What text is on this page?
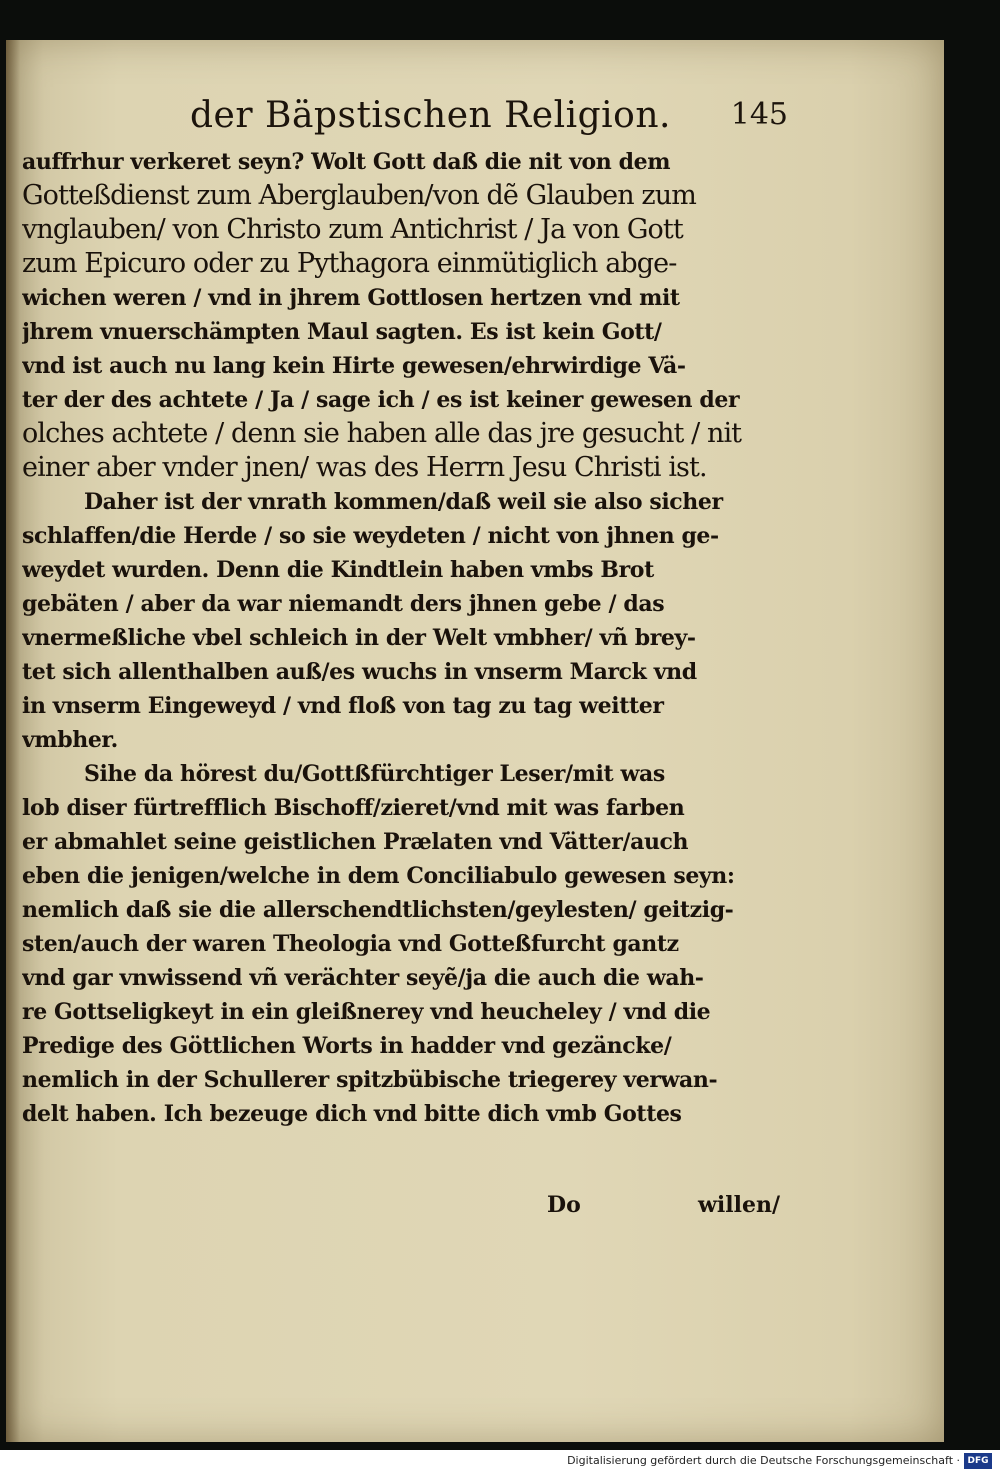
der Bäpstischen Religion. 145
auffrhur verkeret seyn? Wolt Gott daß die nit von dem
Gotteßdienst zum Aberglauben/von dẽ Glauben zum
vnglauben/ von Christo zum Antichrist / Ja von Gott
zum Epicuro oder zu Pythagora einmütiglich abge-
wichen weren / vnd in jhrem Gottlosen hertzen vnd mit
jhrem vnuerschämpten Maul sagten. Es ist kein Gott/
vnd ist auch nu lang kein Hirte gewesen/ehrwirdige Vä-
ter der des achtete / Ja / sage ich / es ist keiner gewesen der
olches achtete / denn sie haben alle das jre gesucht / nit
einer aber vnder jnen/ was des Herrn Jesu Christi ist.
Daher ist der vnrath kommen/daß weil sie also sicher
schlaffen/die Herde / so sie weydeten / nicht von jhnen ge-
weydet wurden. Denn die Kindtlein haben vmbs Brot
gebäten / aber da war niemandt ders jhnen gebe / das
vnermeßliche vbel schleich in der Welt vmbher/ vñ brey-
tet sich allenthalben auß/es wuchs in vnserm Marck vnd
in vnserm Eingeweyd / vnd floß von tag zu tag weitter
vmbher.
Sihe da hörest du/Gottßfürchtiger Leser/mit was
lob diser fürtrefflich Bischoff/zieret/vnd mit was farben
er abmahlet seine geistlichen Prælaten vnd Vätter/auch
eben die jenigen/welche in dem Conciliabulo gewesen seyn:
nemlich daß sie die allerschendtlichsten/geylesten/ geitzig-
sten/auch der waren Theologia vnd Gotteßfurcht gantz
vnd gar vnwissend vñ verächter seyẽ/ja die auch die wah-
re Gottseligkeyt in ein gleißnerey vnd heucheley / vnd die
Predige des Göttlichen Worts in hadder vnd gezäncke/
nemlich in der Schullerer spitzbübische triegerey verwan-
delt haben. Ich bezeuge dich vnd bitte dich vmb Gottes
Do	willen/
Digitalisierung gefördert durch die Deutsche Forschungsgemeinschaft · DFG
